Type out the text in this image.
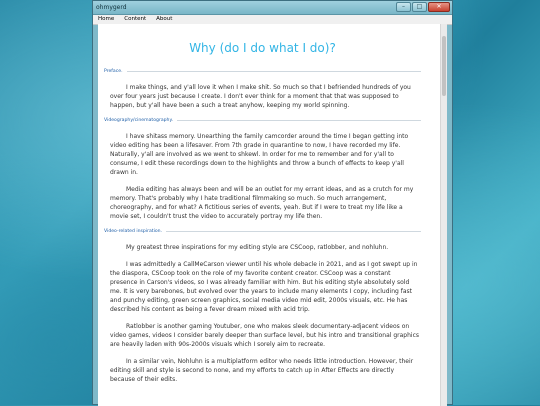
ohmygerd	–	□	✕
Home	Content	About
Why (do I do what I do)?
Preface.

I make things, and y'all love it when I make shit. So much so that I befriended hundreds of you over four years just because I create. I don't ever think for a moment that that was supposed to happen, but y'all have been a such a treat anyhow, keeping my world spinning.

Videography/cinematography.

I have shitass memory. Unearthing the family camcorder around the time I began getting into video editing has been a lifesaver. From 7th grade in quarantine to now, I have recorded my life. Naturally, y'all are involved as we went to shkewl. In order for me to remember and for y'all to consume, I edit these recordings down to the highlights and throw a bunch of effects to keep y'all drawn in.

Media editing has always been and will be an outlet for my errant ideas, and as a crutch for my memory. That's probably why I hate traditional filmmaking so much. So much arrangement, choreography, and for what? A fictitious series of events, yeah. But if I were to treat my life like a movie set, I couldn't trust the video to accurately portray my life then.

Video-related inspiration.

My greatest three inspirations for my editing style are CSCoop, ratlobber, and nohluhn.

I was admittedly a CallMeCarson viewer until his whole debacle in 2021, and as I got swept up in the diaspora, CSCoop took on the role of my favorite content creator. CSCoop was a constant presence in Carson's videos, so I was already familiar with him. But his editing style absolutely sold me. It is very barebones, but evolved over the years to include many elements I copy, including fast and punchy editing, green screen graphics, social media video mid edit, 2000s visuals, etc. He has described his content as being a fever dream mixed with acid trip.

Ratlobber is another gaming Youtuber, one who makes sleek documentary-adjacent videos on video games, videos I consider barely deeper than surface level, but his intro and transitional graphics are heavily laden with 90s-2000s visuals which I sorely aim to recreate.

In a similar vein, Nohluhn is a multiplatform editor who needs little introduction. However, their editing skill and style is second to none, and my efforts to catch up in After Effects are directly because of their edits.
